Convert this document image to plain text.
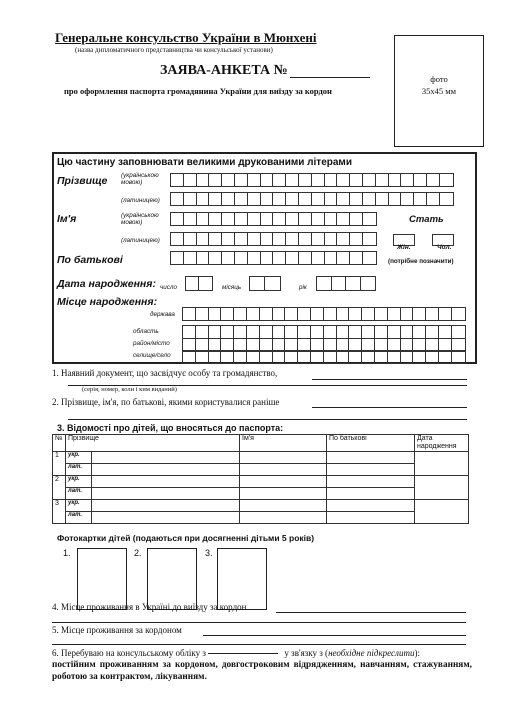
Генеральне консульство України в Мюнхені
(назва дипломатичного представництва чи консульської установи)
ЗАЯВА-АНКЕТА №
про оформлення паспорта громадянина України для виїзду за кордон
фото
35х45 мм
Цю частину заповнювати великими друкованими літерами
Прізвище (українською мовою)
(латиницею)
Ім'я	(українською мовою)
(латиницею)
Стать
Жін.	Чол.
(потрібне позначити)
По батькові
Дата народження: число	місяць	рік
Місце народження:
держава
область
район/місто
селище/село
1. Наявний документ, що засвідчує особу та громадянство,
(серія, номер, коли і ким виданий)
2. Прізвище, ім'я, по батькові, якими користувалися раніше
3. Відомості про дітей, що вносяться до паспорта:
№	Прізвище		Ім'я	По батькові	Дата народження
1	укр.				
	лат.				
2	укр.				
	лат.				
3	укр.				
	лат.				
Фотокартки дітей (подаються при досягненні дітьми 5 років)
1.	2.	3.
4. Місце проживання в Україні до виїзду за кордон
5. Місце проживання за кордоном
6. Перебуваю на консульському обліку з	у зв'язку з (необхідне підкреслити):
постійним проживанням за кордоном, довгостроковим відрядженням, навчанням, стажуванням, роботою за контрактом, лікуванням.
